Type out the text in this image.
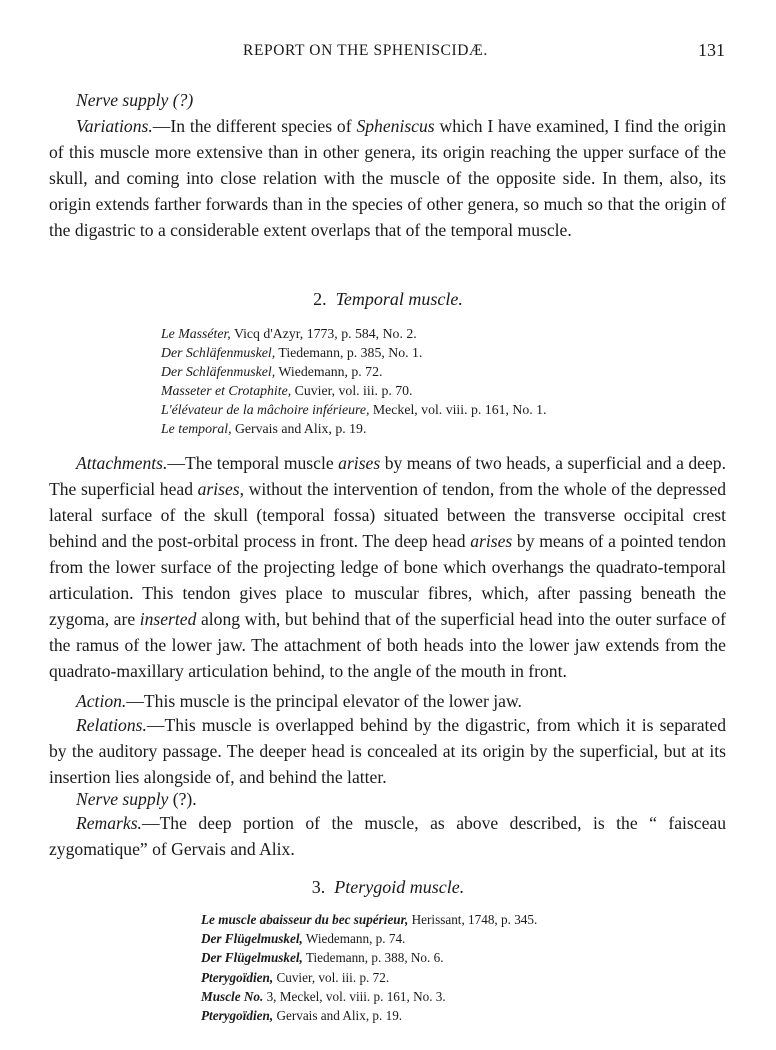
REPORT ON THE SPHENISCIDÆ.	131

Nerve supply (?)

Variations.—In the different species of Spheniscus which I have examined, I find the origin of this muscle more extensive than in other genera, its origin reaching the upper surface of the skull, and coming into close relation with the muscle of the opposite side. In them, also, its origin extends farther forwards than in the species of other genera, so much so that the origin of the digastric to a considerable extent overlaps that of the temporal muscle.

2. Temporal muscle.

Le Masséter, Vicq d'Azyr, 1773, p. 584, No. 2.
Der Schläfenmuskel, Tiedemann, p. 385, No. 1.
Der Schläfenmuskel, Wiedemann, p. 72.
Masseter et Crotaphite, Cuvier, vol. iii. p. 70.
L'élévateur de la mâchoire inférieure, Meckel, vol. viii. p. 161, No. 1.
Le temporal, Gervais and Alix, p. 19.

Attachments.—The temporal muscle arises by means of two heads, a superficial and a deep. The superficial head arises, without the intervention of tendon, from the whole of the depressed lateral surface of the skull (temporal fossa) situated between the transverse occipital crest behind and the post-orbital process in front. The deep head arises by means of a pointed tendon from the lower surface of the projecting ledge of bone which overhangs the quadrato-temporal articulation. This tendon gives place to muscular fibres, which, after passing beneath the zygoma, are inserted along with, but behind that of the superficial head into the outer surface of the ramus of the lower jaw. The attachment of both heads into the lower jaw extends from the quadrato-maxillary articulation behind, to the angle of the mouth in front.

Action.—This muscle is the principal elevator of the lower jaw.

Relations.—This muscle is overlapped behind by the digastric, from which it is separated by the auditory passage. The deeper head is concealed at its origin by the superficial, but at its insertion lies alongside of, and behind the latter.

Nerve supply (?).

Remarks.—The deep portion of the muscle, as above described, is the “ faisceau zygomatique” of Gervais and Alix.

3. Pterygoid muscle.

Le muscle abaisseur du bec supérieur, Herissant, 1748, p. 345.
Der Flügelmuskel, Wiedemann, p. 74.
Der Flügelmuskel, Tiedemann, p. 388, No. 6.
Pterygoïdien, Cuvier, vol. iii. p. 72.
Muscle No. 3, Meckel, vol. viii. p. 161, No. 3.
Pterygoïdien, Gervais and Alix, p. 19.
